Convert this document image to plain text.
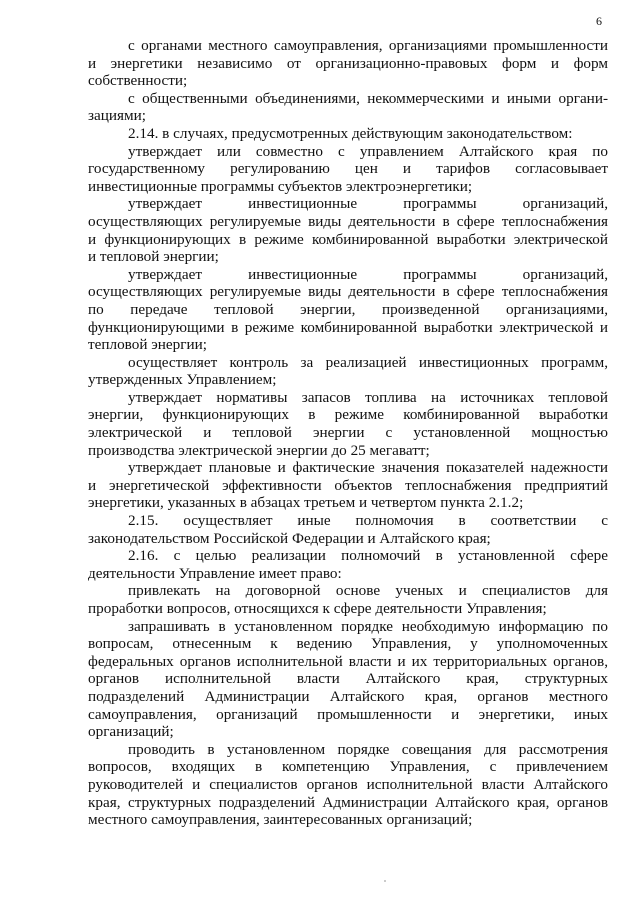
6
с органами местного самоуправления, организациями промышленности
и энергетики независимо от организационно-правовых форм и форм
собственности;
с общественными объединениями, некоммерческими и иными органи-
зациями;
2.14. в случаях, предусмотренных действующим законодательством:
утверждает или совместно с управлением Алтайского края по
государственному регулированию цен и тарифов согласовывает
инвестиционные программы субъектов электроэнергетики;
утверждает инвестиционные программы организаций,
осуществляющих регулируемые виды деятельности в сфере теплоснабжения
и функционирующих в режиме комбинированной выработки электрической
и тепловой энергии;
утверждает инвестиционные программы организаций,
осуществляющих регулируемые виды деятельности в сфере теплоснабжения
по передаче тепловой энергии, произведенной организациями,
функционирующими в режиме комбинированной выработки электрической и
тепловой энергии;
осуществляет контроль за реализацией инвестиционных программ,
утвержденных Управлением;
утверждает нормативы запасов топлива на источниках тепловой
энергии, функционирующих в режиме комбинированной выработки
электрической и тепловой энергии с установленной мощностью
производства электрической энергии до 25 мегаватт;
утверждает плановые и фактические значения показателей надежности
и энергетической эффективности объектов теплоснабжения предприятий
энергетики, указанных в абзацах третьем и четвертом пункта 2.1.2;
2.15. осуществляет иные полномочия в соответствии с
законодательством Российской Федерации и Алтайского края;
2.16. с целью реализации полномочий в установленной сфере
деятельности Управление имеет право:
привлекать на договорной основе ученых и специалистов для
проработки вопросов, относящихся к сфере деятельности Управления;
запрашивать в установленном порядке необходимую информацию по
вопросам, отнесенным к ведению Управления, у уполномоченных
федеральных органов исполнительной власти и их территориальных органов,
органов исполнительной власти Алтайского края, структурных
подразделений Администрации Алтайского края, органов местного
самоуправления, организаций промышленности и энергетики, иных
организаций;
проводить в установленном порядке совещания для рассмотрения
вопросов, входящих в компетенцию Управления, с привлечением
руководителей и специалистов органов исполнительной власти Алтайского
края, структурных подразделений Администрации Алтайского края, органов
местного самоуправления, заинтересованных организаций;
